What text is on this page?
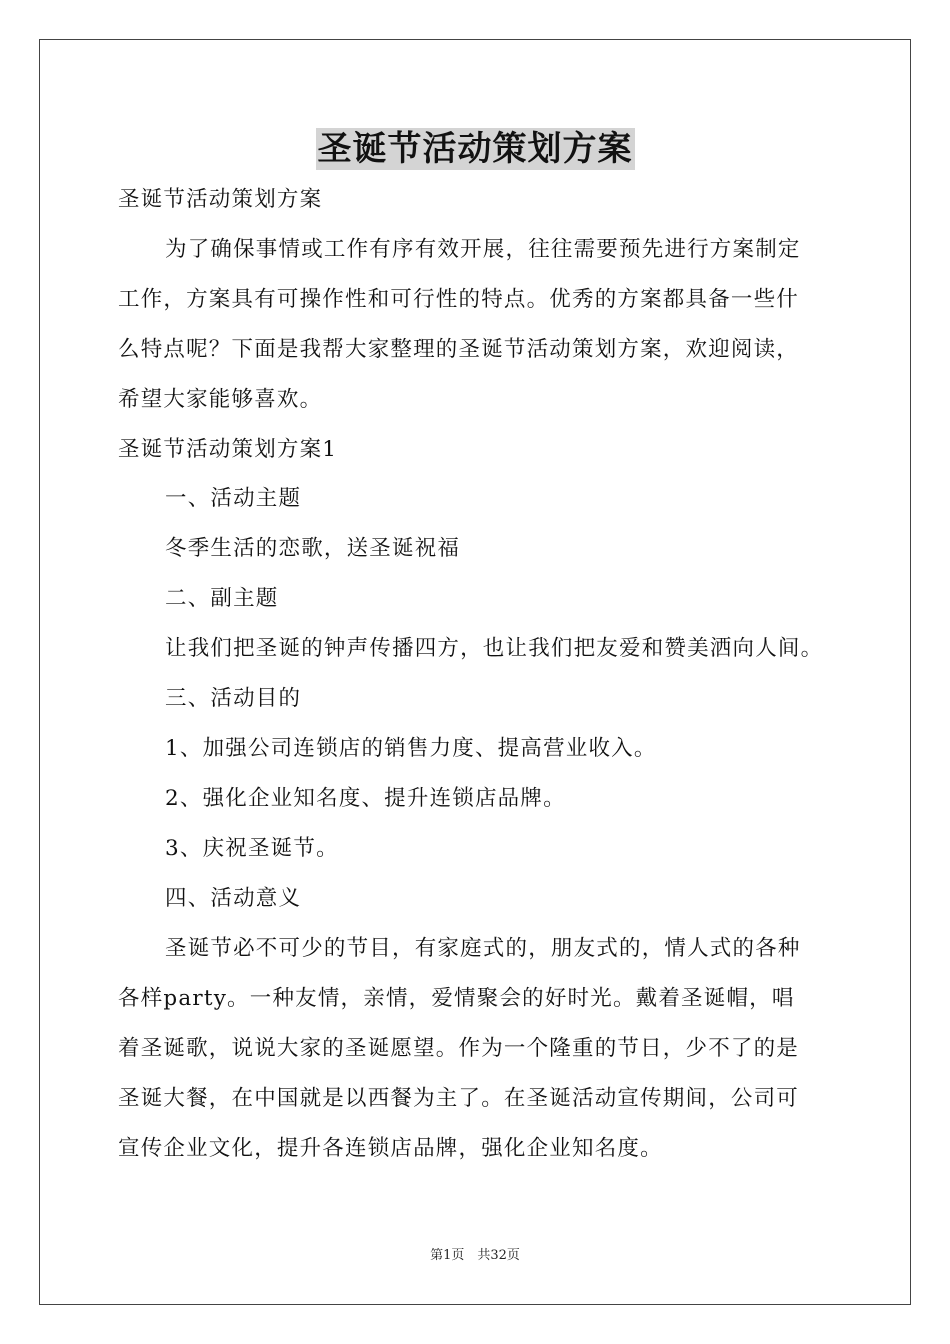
圣诞节活动策划方案
圣诞节活动策划方案
为了确保事情或工作有序有效开展，往往需要预先进行方案制定
工作，方案具有可操作性和可行性的特点。优秀的方案都具备一些什
么特点呢？下面是我帮大家整理的圣诞节活动策划方案，欢迎阅读，
希望大家能够喜欢。
圣诞节活动策划方案1
一、活动主题
冬季生活的恋歌，送圣诞祝福
二、副主题
让我们把圣诞的钟声传播四方，也让我们把友爱和赞美洒向人间。
三、活动目的
1、加强公司连锁店的销售力度、提高营业收入。
2、强化企业知名度、提升连锁店品牌。
3、庆祝圣诞节。
四、活动意义
圣诞节必不可少的节目，有家庭式的，朋友式的，情人式的各种
各样party。一种友情，亲情，爱情聚会的好时光。戴着圣诞帽，唱
着圣诞歌，说说大家的圣诞愿望。作为一个隆重的节日，少不了的是
圣诞大餐，在中国就是以西餐为主了。在圣诞活动宣传期间，公司可
宣传企业文化，提升各连锁店品牌，强化企业知名度。
第1页　共32页
